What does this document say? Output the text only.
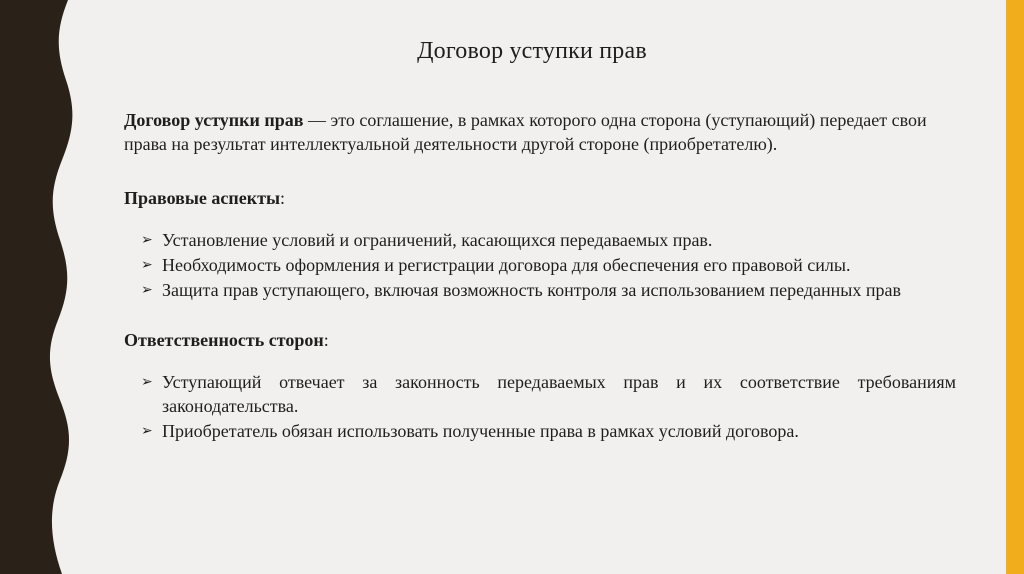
Договор уступки прав

Договор уступки прав — это соглашение, в рамках которого одна сторона (уступающий) передает свои права на результат интеллектуальной деятельности другой стороне (приобретателю).

Правовые аспекты:

➢ Установление условий и ограничений, касающихся передаваемых прав.
➢ Необходимость оформления и регистрации договора для обеспечения его правовой силы.
➢ Защита прав уступающего, включая возможность контроля за использованием переданных прав

Ответственность сторон:

➢ Уступающий отвечает за законность передаваемых прав и их соответствие требованиям законодательства.
➢ Приобретатель обязан использовать полученные права в рамках условий договора.
